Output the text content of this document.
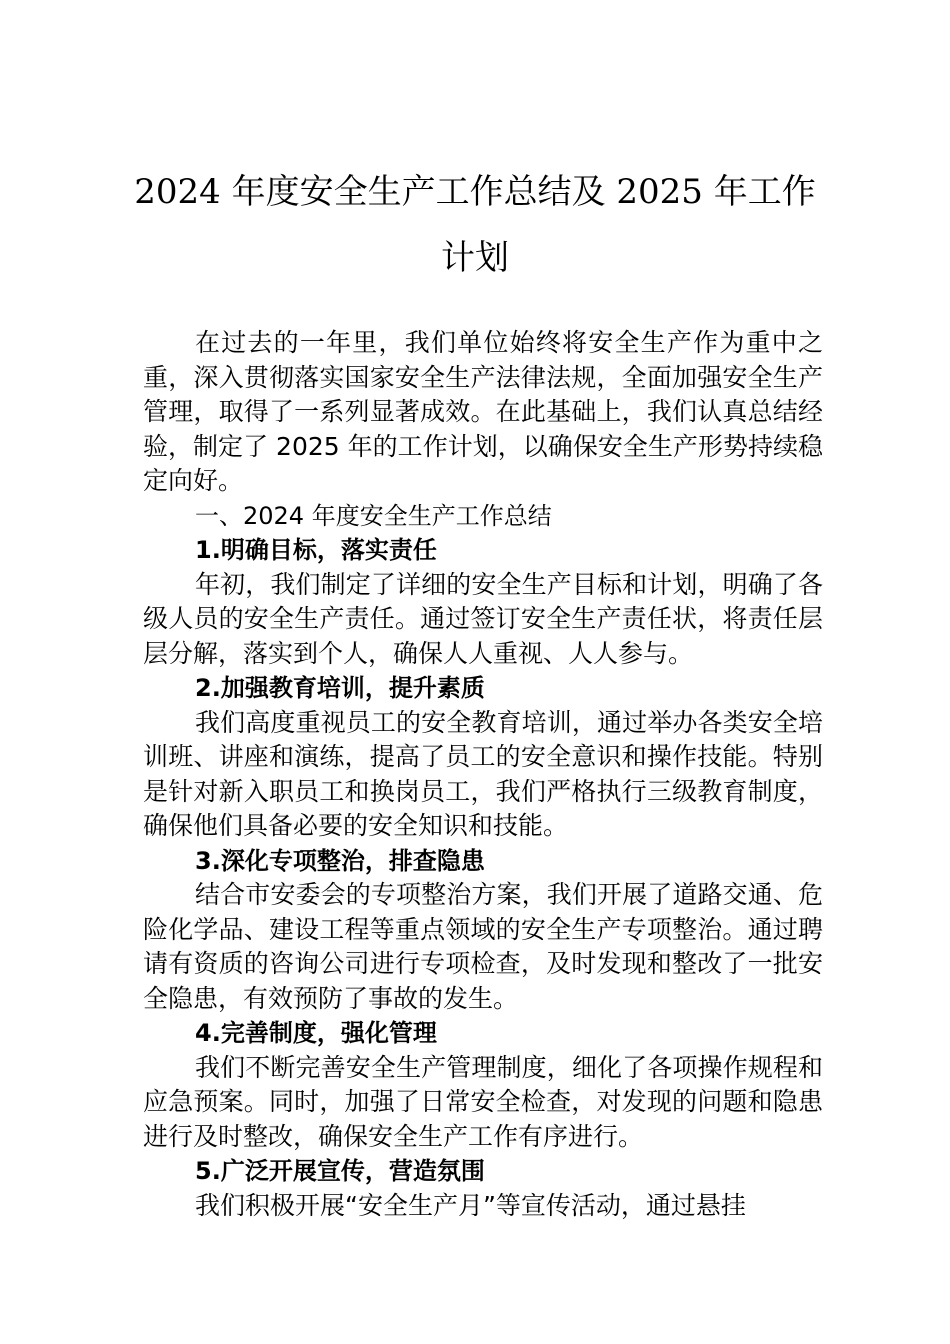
2024 年度安全生产工作总结及 2025 年工作
计划

在过去的一年里，我们单位始终将安全生产作为重中之重，深入贯彻落实国家安全生产法律法规，全面加强安全生产管理，取得了一系列显著成效。在此基础上，我们认真总结经验，制定了 2025 年的工作计划，以确保安全生产形势持续稳定向好。

一、2024 年度安全生产工作总结

1.明确目标，落实责任

年初，我们制定了详细的安全生产目标和计划，明确了各级人员的安全生产责任。通过签订安全生产责任状，将责任层层分解，落实到个人，确保人人重视、人人参与。

2.加强教育培训，提升素质

我们高度重视员工的安全教育培训，通过举办各类安全培训班、讲座和演练，提高了员工的安全意识和操作技能。特别是针对新入职员工和换岗员工，我们严格执行三级教育制度，确保他们具备必要的安全知识和技能。

3.深化专项整治，排查隐患

结合市安委会的专项整治方案，我们开展了道路交通、危险化学品、建设工程等重点领域的安全生产专项整治。通过聘请有资质的咨询公司进行专项检查，及时发现和整改了一批安全隐患，有效预防了事故的发生。

4.完善制度，强化管理

我们不断完善安全生产管理制度，细化了各项操作规程和应急预案。同时，加强了日常安全检查，对发现的问题和隐患进行及时整改，确保安全生产工作有序进行。

5.广泛开展宣传，营造氛围

我们积极开展“安全生产月”等宣传活动，通过悬挂
